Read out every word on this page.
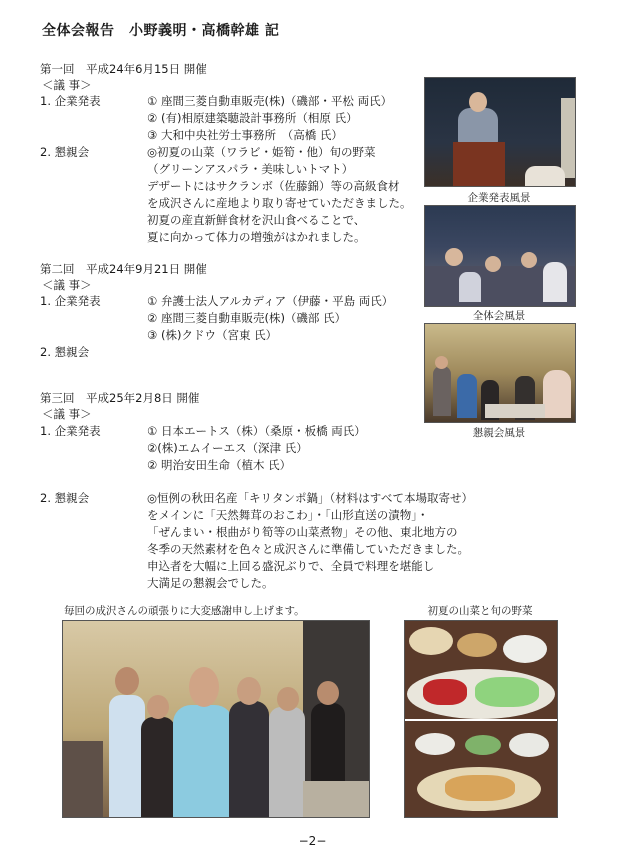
全体会報告　小野義明・高橋幹雄 記
第一回　平成24年6月15日 開催
＜議 事＞
1. 企業発表	① 座間三菱自動車販売(株)（磯部・平松 両氏）
② (有)相原建築聴設計事務所（相原 氏）
③ 大和中央社労士事務所　（高橋 氏）
2. 懇親会	◎初夏の山菜（ワラビ・姫筍・他）旬の野菜
（グリーンアスパラ・美味しいトマト）
デザートにはサクランボ（佐藤錦）等の高級食材
を成沢さんに産地より取り寄せていただきました。
初夏の産直新鮮食材を沢山食べることで、
夏に向かって体力の増強がはかれました。
第二回　平成24年9月21日 開催
＜議 事＞
1. 企業発表	① 弁護士法人アルカディア（伊藤・平島 両氏）
② 座間三菱自動車販売(株)（磯部 氏）
③ (株)クドウ（宮東 氏）
2. 懇親会
第三回　平成25年2月8日 開催
＜議 事＞
1. 企業発表	① 日本エートス（株）（桑原・板橋 両氏）
②(株)エムイーエス（深津 氏）
② 明治安田生命（植木 氏）
2. 懇親会	◎恒例の秋田名産「キリタンポ鍋」（材料はすべて本場取寄せ）
をメインに「天然舞茸のおこわ」・「山形直送の漬物」・
「ぜんまい・根曲がり筍等の山菜煮物」その他、東北地方の
冬季の天然素材を色々と成沢さんに準備していただきました。
申込者を大幅に上回る盛況ぶりで、全員で料理を堪能し
大満足の懇親会でした。
企業発表風景
全体会風景
懇親会風景
毎回の成沢さんの頑張りに大変感謝申し上げます。	初夏の山菜と旬の野菜
−2−
